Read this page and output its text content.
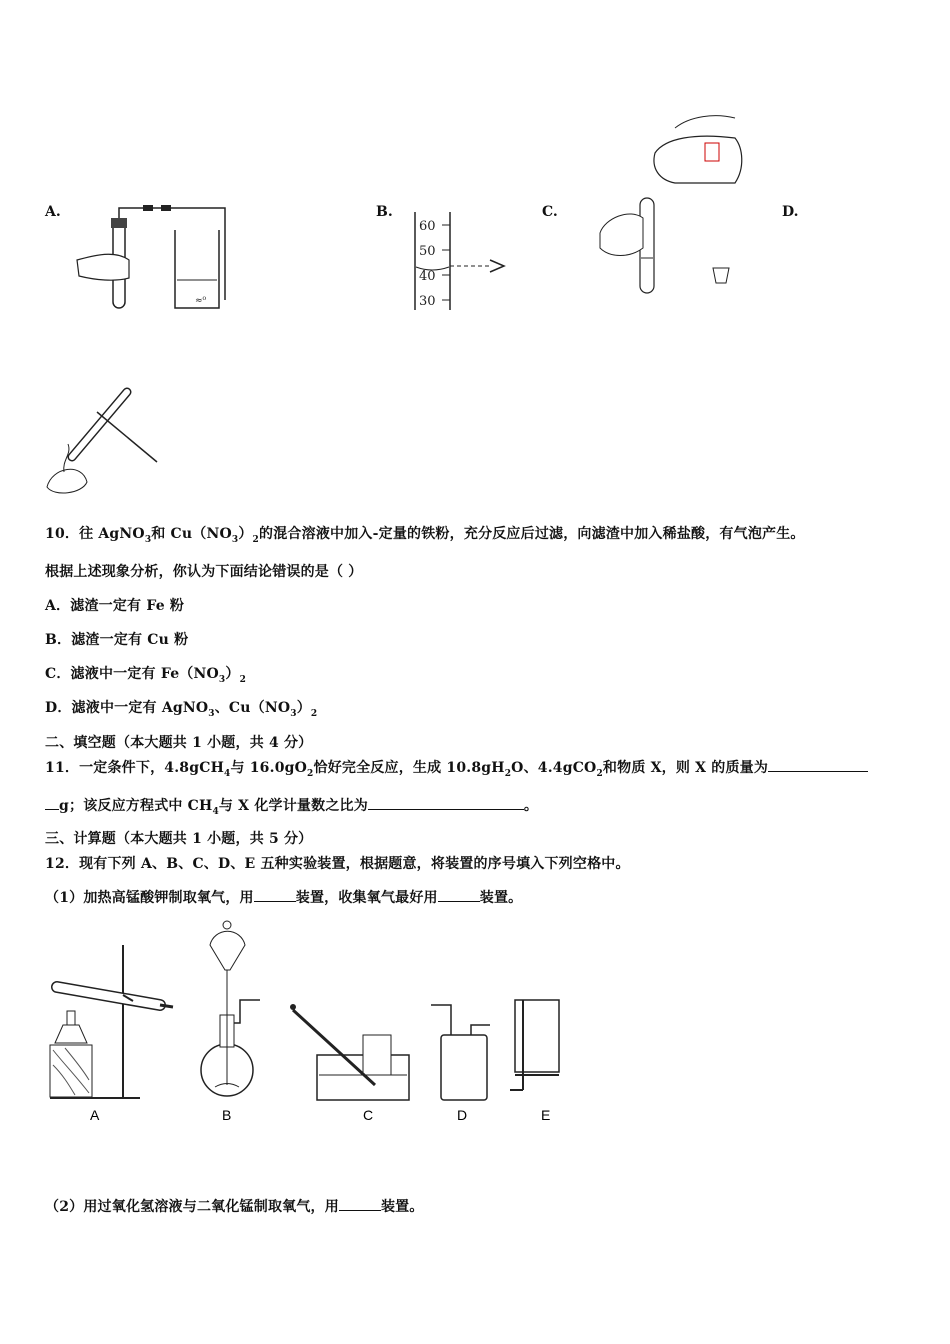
A.	B.	C.	D.
≈⁰
60
50
40
30
10．往 AgNO$_3$和 $Cu(NO_3)_2$的混合溶液中加入-定量的铁粉，充分反应后过滤，向滤渣中加入稀盐酸，有气泡产生。
根据上述现象分析，你认为下面结论错误的是（ ）
A．滤渣一定有 Fe 粉
B．滤渣一定有 Cu 粉
C．滤液中一定有 $Fe(NO_3)_2$
D．滤液中一定有 AgNO$_3$、$Cu(NO_3)_2$
二、填空题（本大题共 1 小题，共 4 分）
11．一定条件下，4.8gCH$_4$与 $16.0gO_2$恰好完全反应，生成 $10.8gH_2O$、4.4gCO$_2$和物质 X，则 X 的质量为
g；该反应方程式中 $CH_4$与 X 化学计量数之比为	。
三、计算题（本大题共 1 小题，共 5 分）
12．现有下列 A、B、C、D、E 五种实验装置，根据题意，将装置的序号填入下列空格中。
（1）加热高锰酸钾制取氧气，用	装置，收集氧气最好用	装置。
A	B	C	D	E
（2）用过氧化氢溶液与二氧化锰制取氧气，用	装置。
